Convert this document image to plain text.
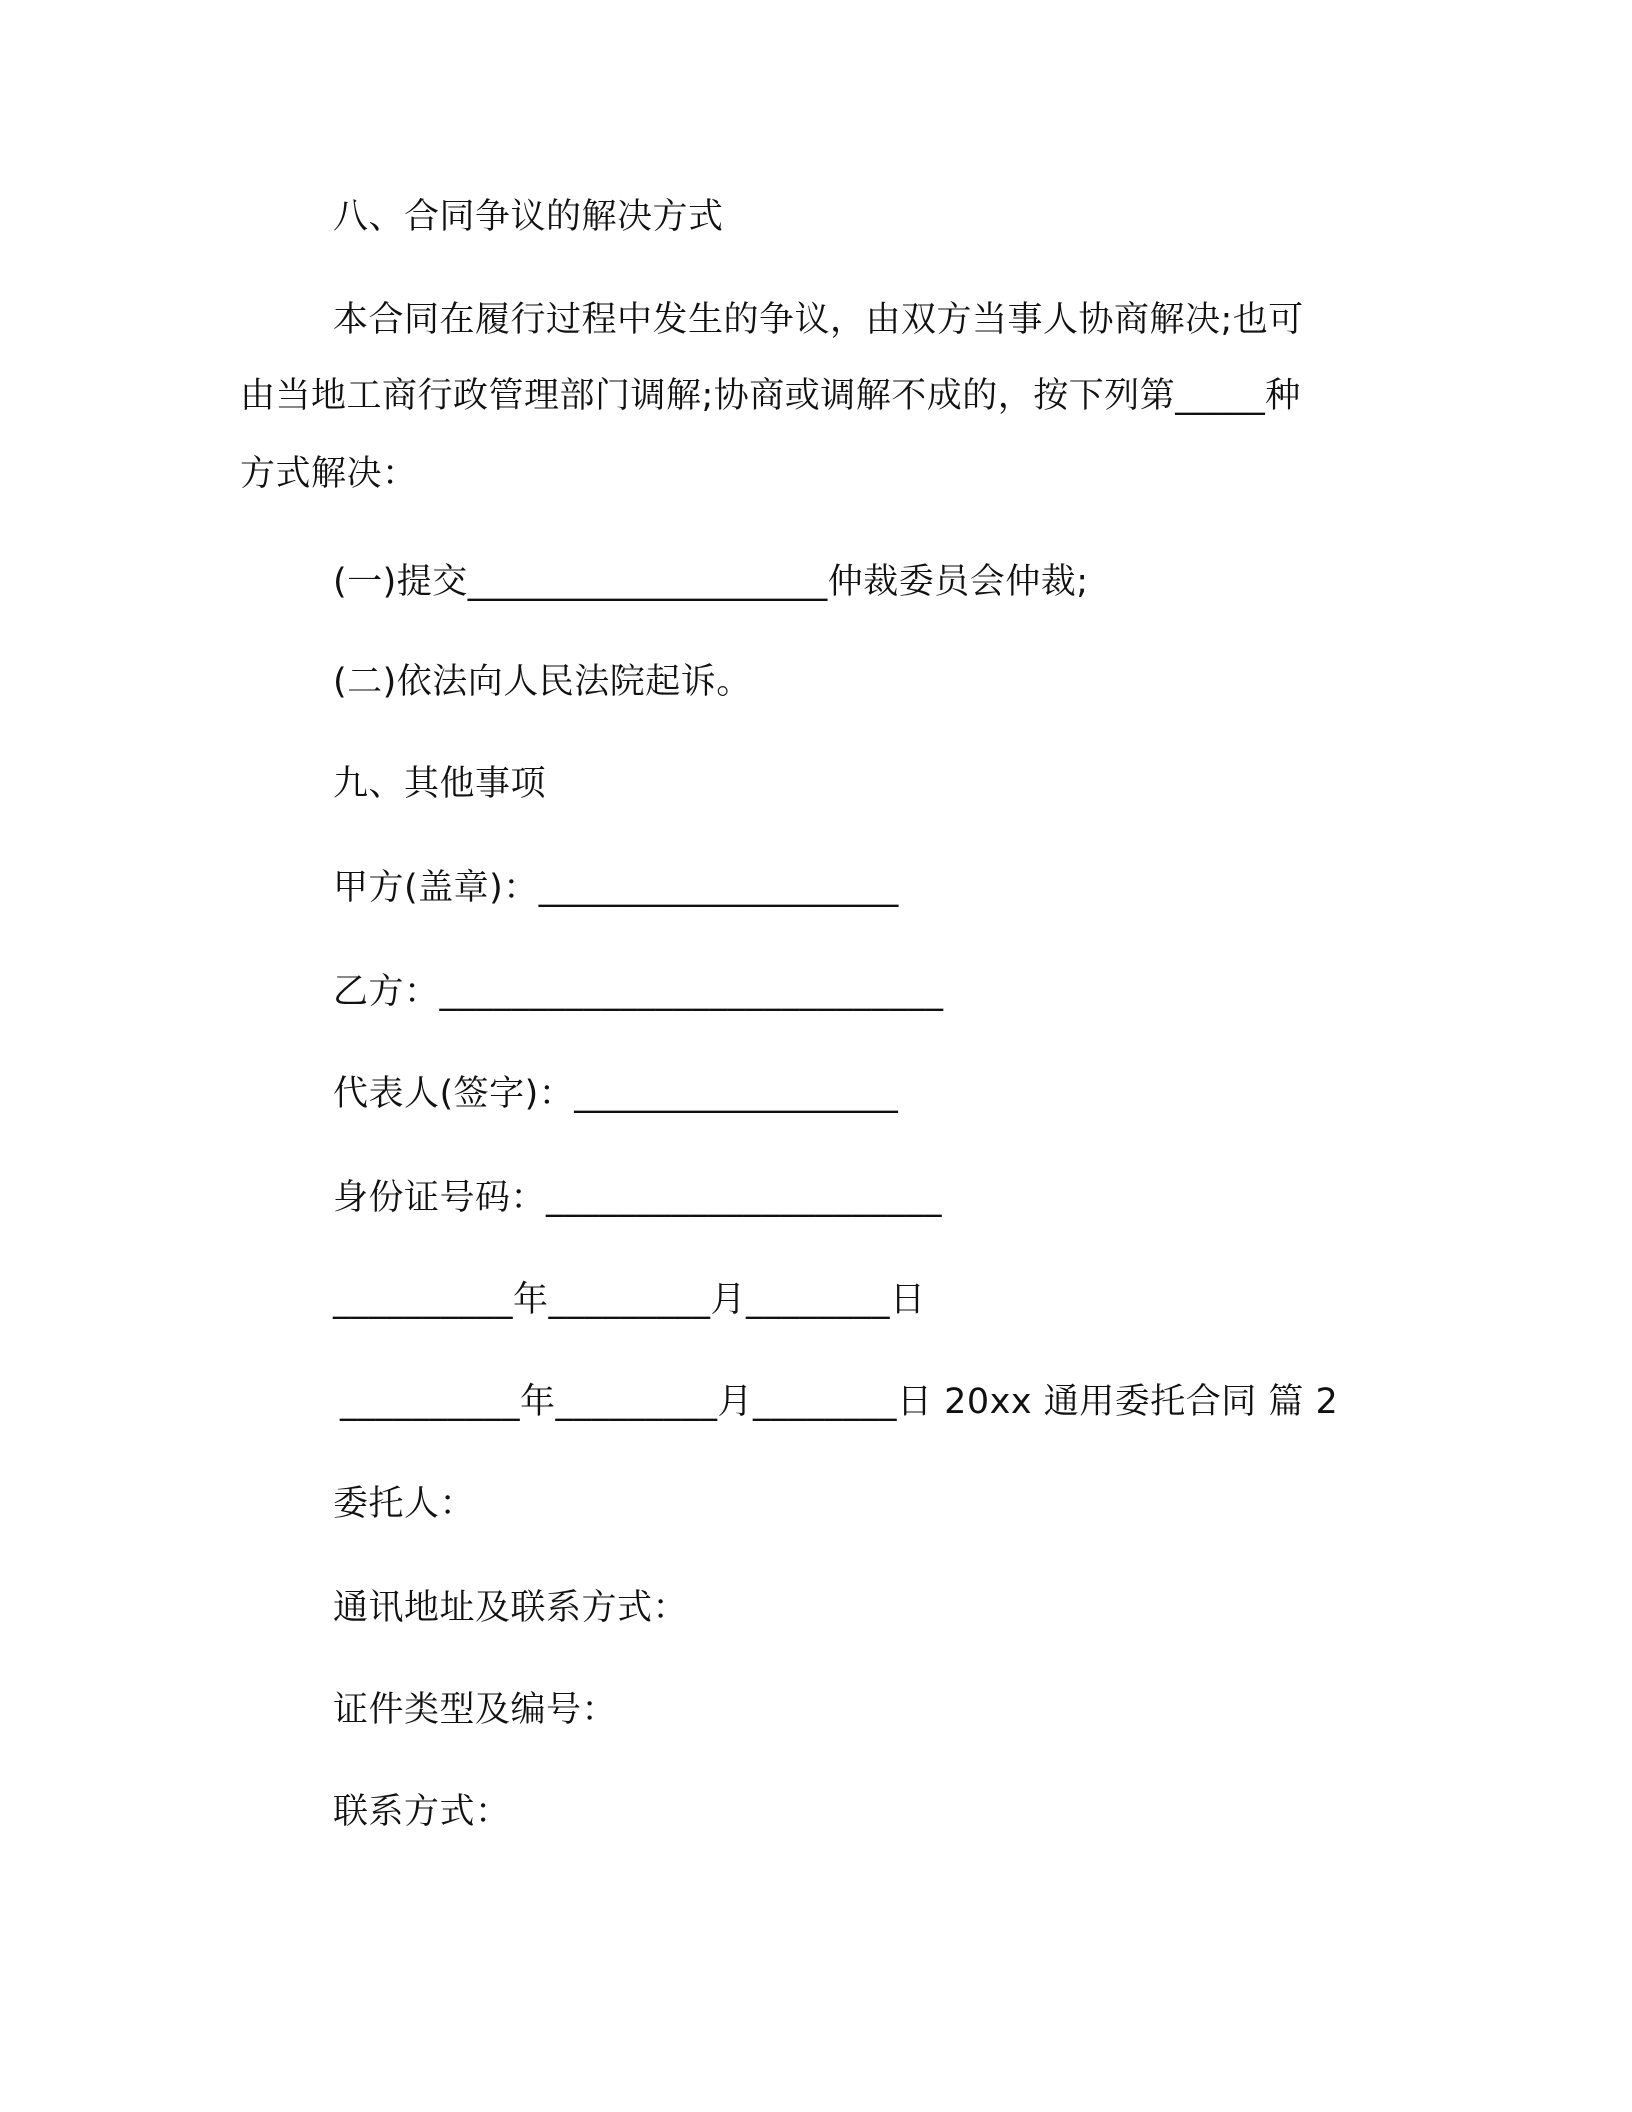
八、合同争议的解决方式
本合同在履行过程中发生的争议，由双方当事人协商解决;也可
由当地工商行政管理部门调解;协商或调解不成的，按下列第_____种
方式解决：
(一)提交____________________仲裁委员会仲裁;
(二)依法向人民法院起诉。
九、其他事项
甲方(盖章)：____________________
乙方：____________________________
代表人(签字)：__________________
身份证号码：______________________
__________年_________月________日
__________年_________月________日 20xx 通用委托合同 篇 2
委托人：
通讯地址及联系方式：
证件类型及编号：
联系方式：
